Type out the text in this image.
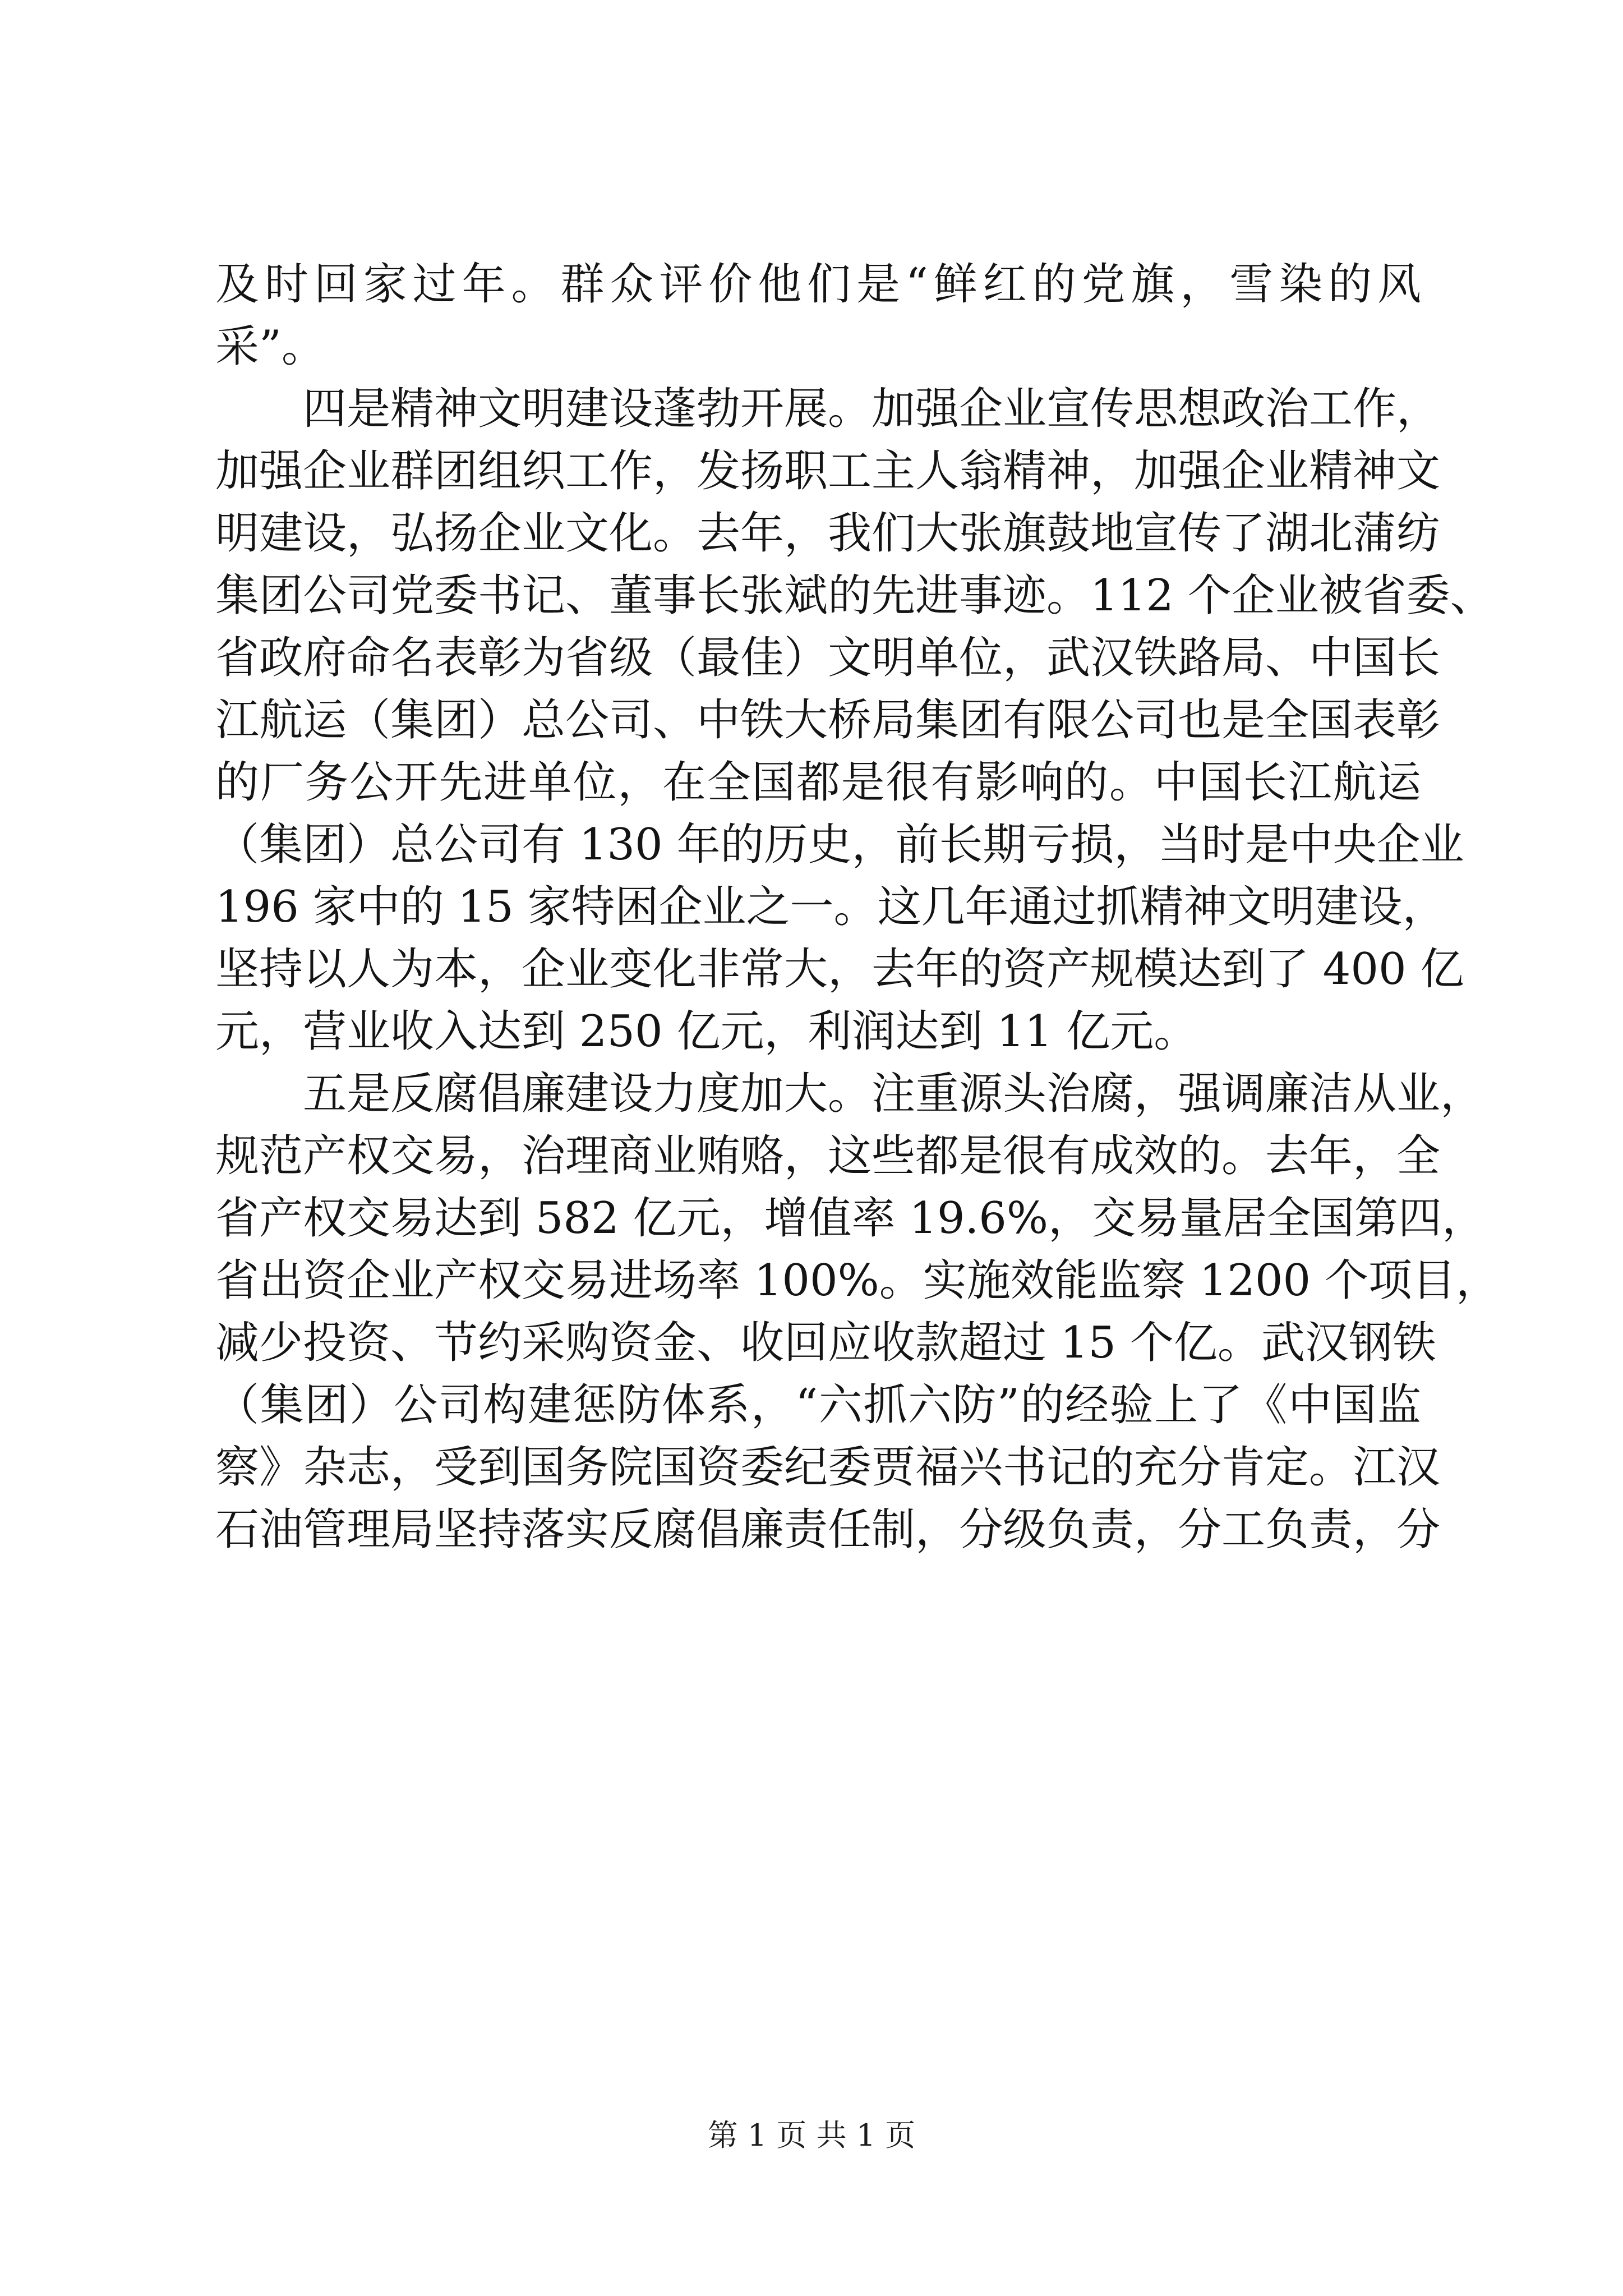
及时回家过年。群众评价他们是“鲜红的党旗，雪染的风
采”。
四是精神文明建设蓬勃开展。加强企业宣传思想政治工作，
加强企业群团组织工作，发扬职工主人翁精神，加强企业精神文
明建设，弘扬企业文化。去年，我们大张旗鼓地宣传了湖北蒲纺
集团公司党委书记、董事长张斌的先进事迹。112 个企业被省委、
省政府命名表彰为省级（最佳）文明单位，武汉铁路局、中国长
江航运（集团）总公司、中铁大桥局集团有限公司也是全国表彰
的厂务公开先进单位，在全国都是很有影响的。中国长江航运
（集团）总公司有 130 年的历史，前长期亏损，当时是中央企业
196 家中的 15 家特困企业之一。这几年通过抓精神文明建设，
坚持以人为本，企业变化非常大，去年的资产规模达到了 400 亿
元，营业收入达到 250 亿元，利润达到 11 亿元。
五是反腐倡廉建设力度加大。注重源头治腐，强调廉洁从业，
规范产权交易，治理商业贿赂，这些都是很有成效的。去年，全
省产权交易达到 582 亿元，增值率 19.6%，交易量居全国第四，
省出资企业产权交易进场率 100%。实施效能监察 1200 个项目，
减少投资、节约采购资金、收回应收款超过 15 个亿。武汉钢铁
（集团）公司构建惩防体系，“六抓六防”的经验上了《中国监
察》杂志，受到国务院国资委纪委贾福兴书记的充分肯定。江汉
石油管理局坚持落实反腐倡廉责任制，分级负责，分工负责，分
第 1 页 共 1 页
